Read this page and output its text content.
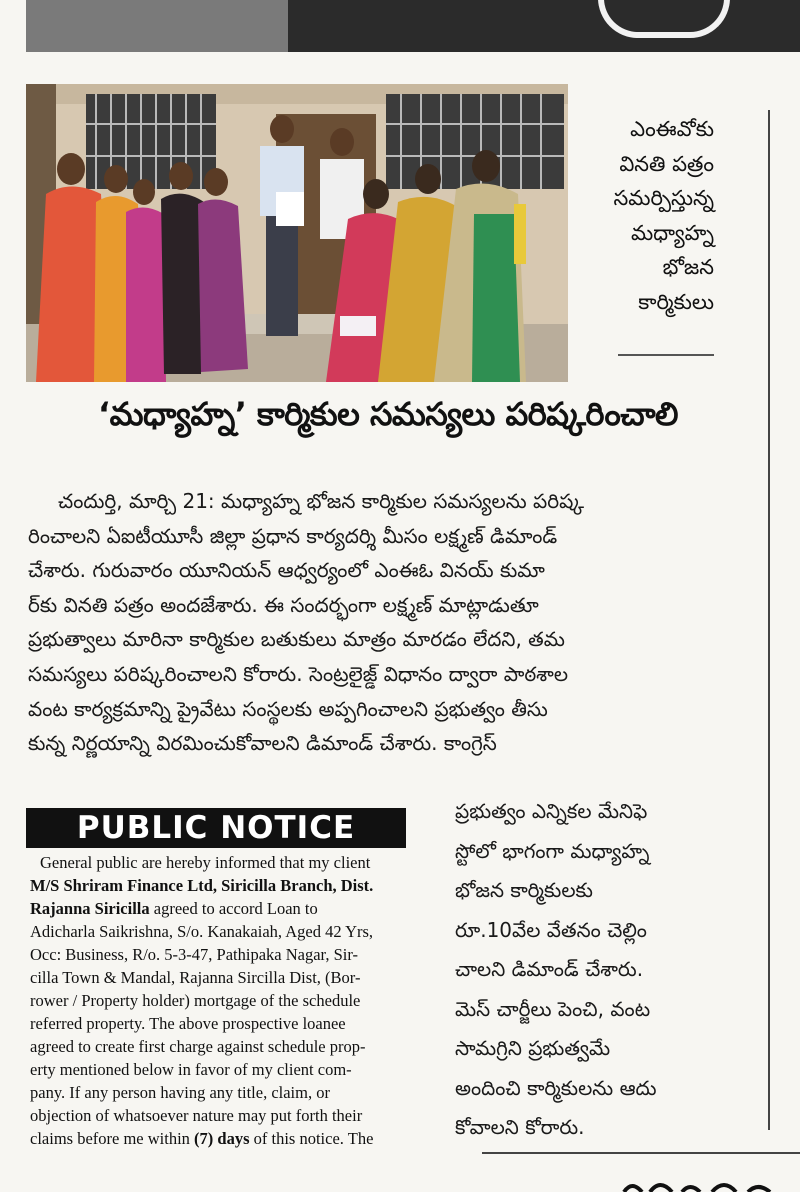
ఎంఈవోకు
వినతి పత్రం
సమర్పిస్తున్న
మధ్యాహ్న
భోజన
కార్మికులు
‘మధ్యాహ్న’ కార్మికుల సమస్యలు పరిష్కరించాలి
చందుర్తి, మార్చి 21: మధ్యాహ్న భోజన కార్మికుల సమస్యలను పరిష్క
రించాలని ఏఐటీయూసీ జిల్లా ప్రధాన కార్యదర్శి మీసం లక్ష్మణ్ డిమాండ్
చేశారు. గురువారం యూనియన్ ఆధ్వర్యంలో ఎంఈఓ వినయ్ కుమా
ర్‌కు వినతి పత్రం అందజేశారు. ఈ సందర్భంగా లక్ష్మణ్ మాట్లాడుతూ
ప్రభుత్వాలు మారినా కార్మికుల బతుకులు మాత్రం మారడం లేదని, తమ
సమస్యలు పరిష్కరించాలని కోరారు. సెంట్రలైజ్డ్ విధానం ద్వారా పాఠశాల
వంట కార్యక్రమాన్ని ప్రైవేటు సంస్థలకు అప్పగించాలని ప్రభుత్వం తీసు
కున్న నిర్ణయాన్ని విరమించుకోవాలని డిమాండ్ చేశారు. కాంగ్రెస్
ప్రభుత్వం ఎన్నికల మేనిఫె
స్టోలో భాగంగా మధ్యాహ్న
భోజన కార్మికులకు
రూ.10వేల వేతనం చెల్లిం
చాలని డిమాండ్ చేశారు.
మెస్ చార్జీలు పెంచి, వంట
సామగ్రిని ప్రభుత్వమే
అందించి కార్మికులను ఆదు
కోవాలని కోరారు.
PUBLIC NOTICE
General public are hereby informed that my client
M/S Shriram Finance Ltd, Siricilla Branch, Dist.
Rajanna Siricilla agreed to accord Loan to
Adicharla Saikrishna, S/o. Kanakaiah, Aged 42 Yrs,
Occ: Business, R/o. 5-3-47, Pathipaka Nagar, Sir-
cilla Town & Mandal, Rajanna Sircilla Dist, (Bor-
rower / Property holder) mortgage of the schedule
referred property. The above prospective loanee
agreed to create first charge against schedule prop-
erty mentioned below in favor of my client com-
pany. If any person having any title, claim, or
objection of whatsoever nature may put forth their
claims before me within (7) days of this notice. The
